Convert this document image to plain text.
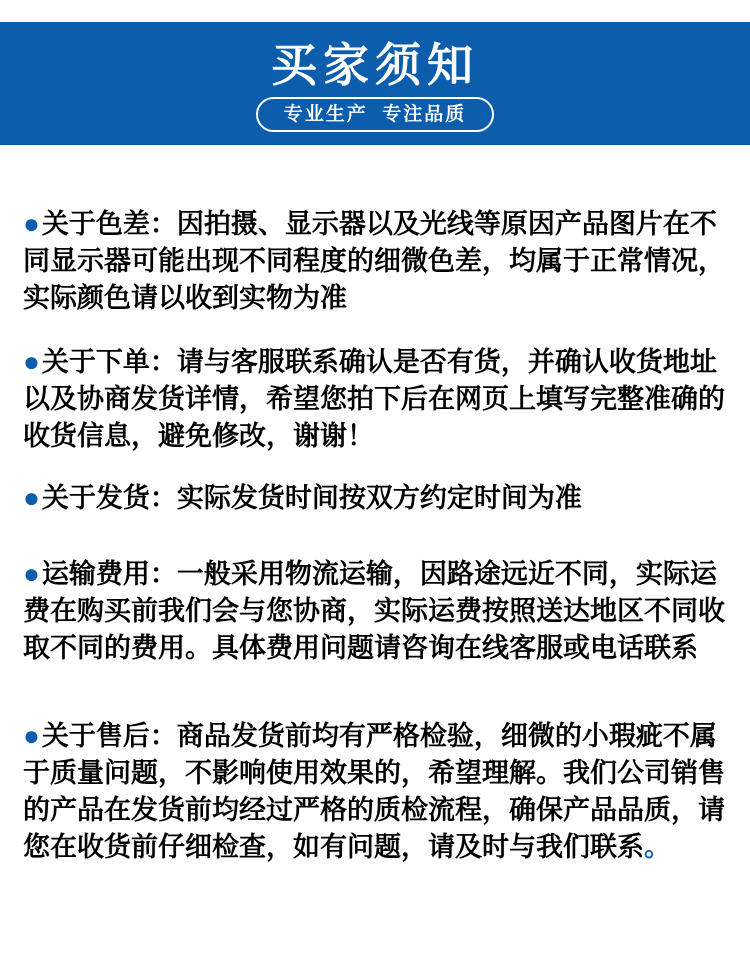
买家须知
专业生产  专注品质

●关于色差：因拍摄、显示器以及光线等原因产品图片在不同显示器可能出现不同程度的细微色差，均属于正常情况，实际颜色请以收到实物为准

●关于下单：请与客服联系确认是否有货，并确认收货地址以及协商发货详情，希望您拍下后在网页上填写完整准确的收货信息，避免修改，谢谢！

●关于发货：实际发货时间按双方约定时间为准

●运输费用：一般采用物流运输，因路途远近不同，实际运费在购买前我们会与您协商，实际运费按照送达地区不同收取不同的费用。具体费用问题请咨询在线客服或电话联系

●关于售后：商品发货前均有严格检验，细微的小瑕疵不属于质量问题，不影响使用效果的，希望理解。我们公司销售的产品在发货前均经过严格的质检流程，确保产品品质，请您在收货前仔细检查，如有问题，请及时与我们联系。
